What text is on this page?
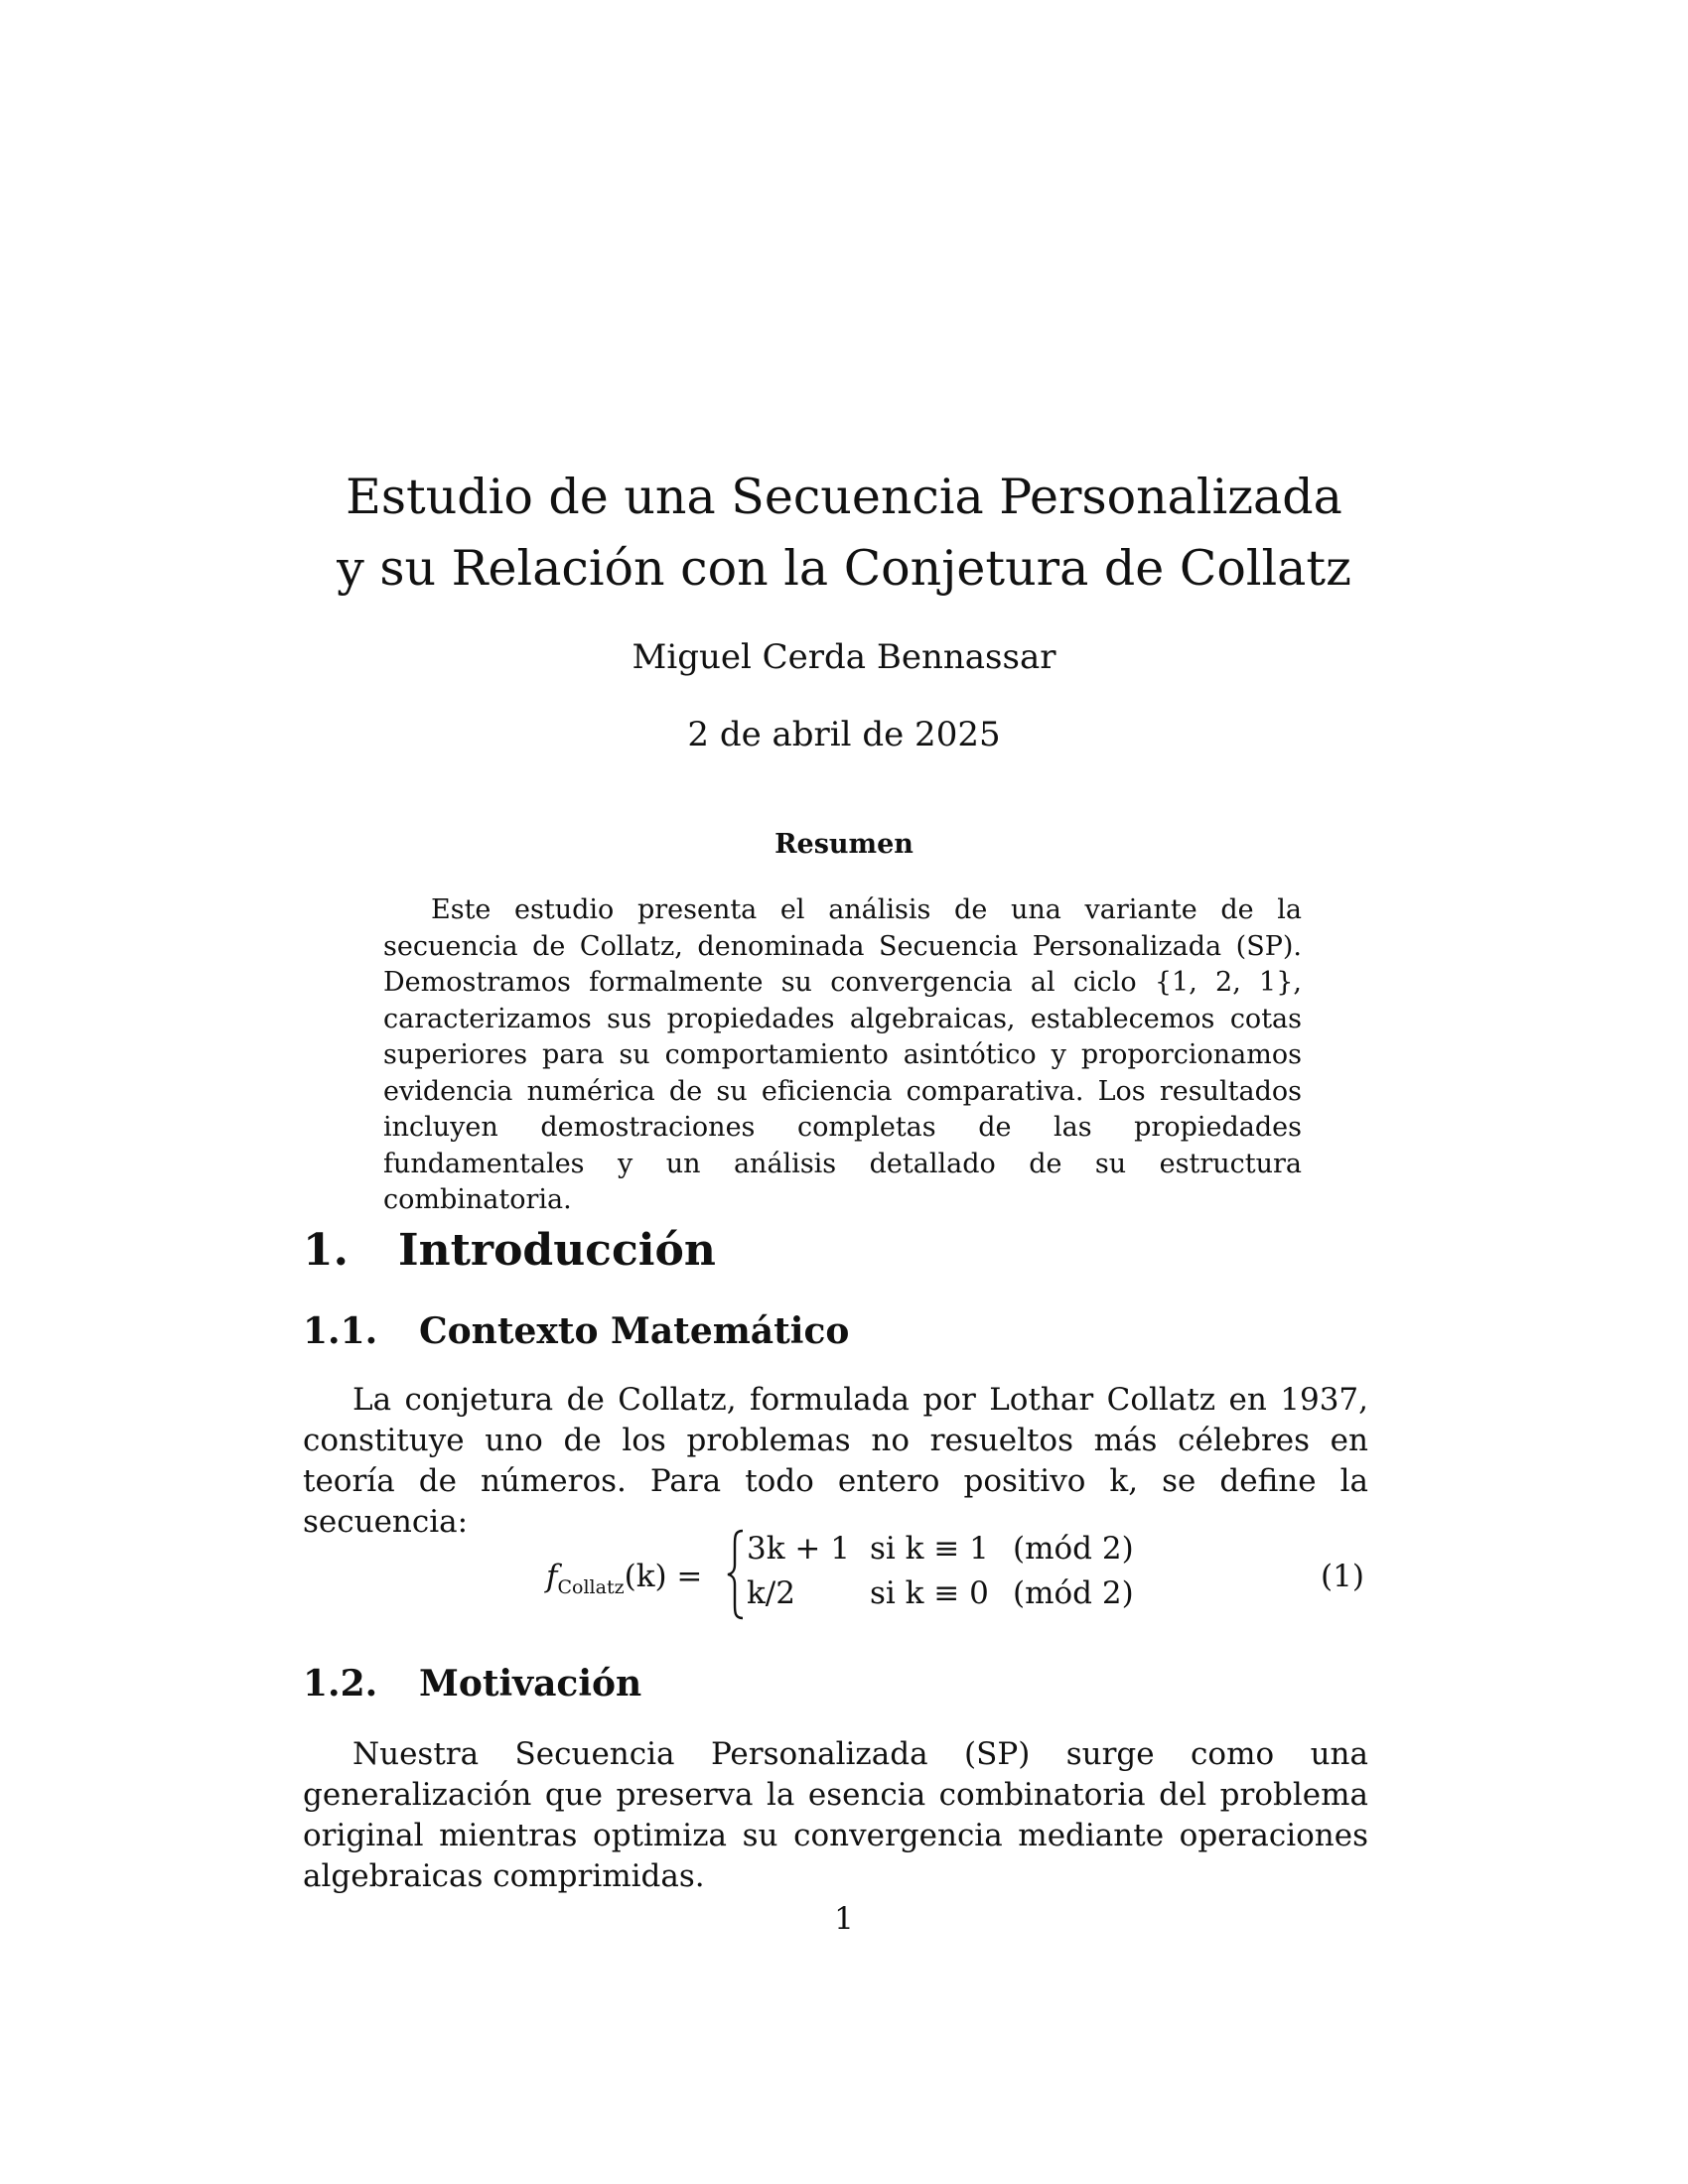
Estudio de una Secuencia Personalizada
y su Relación con la Conjetura de Collatz
Miguel Cerda Bennassar
2 de abril de 2025
Resumen

Este estudio presenta el análisis de una variante de la secuencia de Collatz, denominada Secuencia Personalizada (SP). Demostramos formalmente su convergencia al ciclo {1, 2, 1}, caracterizamos sus propiedades algebraicas, establecemos cotas superiores para su comportamiento asintótico y proporcionamos evidencia numérica de su eficiencia comparativa. Los resultados incluyen demostraciones completas de las propiedades fundamentales y un análisis detallado de su estructura combinatoria.

1. Introducción
1.1. Contexto Matemático

La conjetura de Collatz, formulada por Lothar Collatz en 1937, constituye uno de los problemas no resueltos más célebres en teoría de números. Para todo entero positivo k, se define la secuencia:

$f_{Collatz}(k)$ =
3k + 1 si k ≡ 1 (mód 2)
k/2 si k ≡ 0 (mód 2)	(1)
1.2. Motivación

Nuestra Secuencia Personalizada (SP) surge como una generalización que preserva la esencia combinatoria del problema original mientras optimiza su convergencia mediante operaciones algebraicas comprimidas.

1
